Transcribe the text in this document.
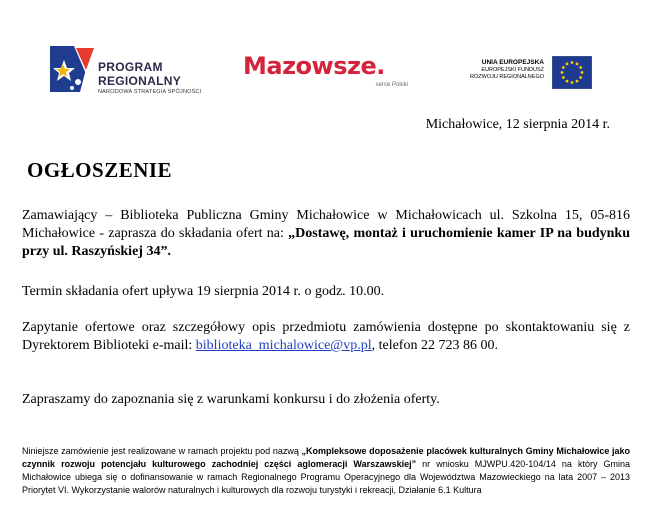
PROGRAM
REGIONALNY
NARODOWA STRATEGIA SPÓJNOŚCI
Mazowsze.
serce Polski
UNIA EUROPEJSKA
EUROPEJSKI FUNDUSZ
ROZWOJU REGIONALNEGO
Michałowice, 12 sierpnia 2014 r.
OGŁOSZENIE
Zamawiający – Biblioteka Publiczna Gminy Michałowice w Michałowicach ul. Szkolna 15, 05-816 Michałowice - zaprasza do składania ofert na: „Dostawę, montaż i uruchomienie kamer IP na budynku przy ul. Raszyńskiej 34”.
Termin składania ofert upływa 19 sierpnia 2014 r. o godz. 10.00.
Zapytanie ofertowe oraz szczegółowy opis przedmiotu zamówienia dostępne po skontaktowaniu się z Dyrektorem Biblioteki e-mail: biblioteka_michalowice@vp.pl, telefon 22 723 86 00.
Zapraszamy do zapoznania się z warunkami konkursu i do złożenia oferty.
Niniejsze zamówienie jest realizowane w ramach projektu pod nazwą „Kompleksowe doposażenie placówek kulturalnych Gminy Michałowice jako czynnik rozwoju potencjału kulturowego zachodniej części aglomeracji Warszawskiej” nr wniosku MJWPU.420-104/14 na który Gmina Michałowice ubiega się o dofinansowanie w ramach Regionalnego Programu Operacyjnego dla Województwa Mazowieckiego na lata 2007 – 2013 Priorytet VI. Wykorzystanie walorów naturalnych i kulturowych dla rozwoju turystyki i rekreacji, Działanie 6.1 Kultura
